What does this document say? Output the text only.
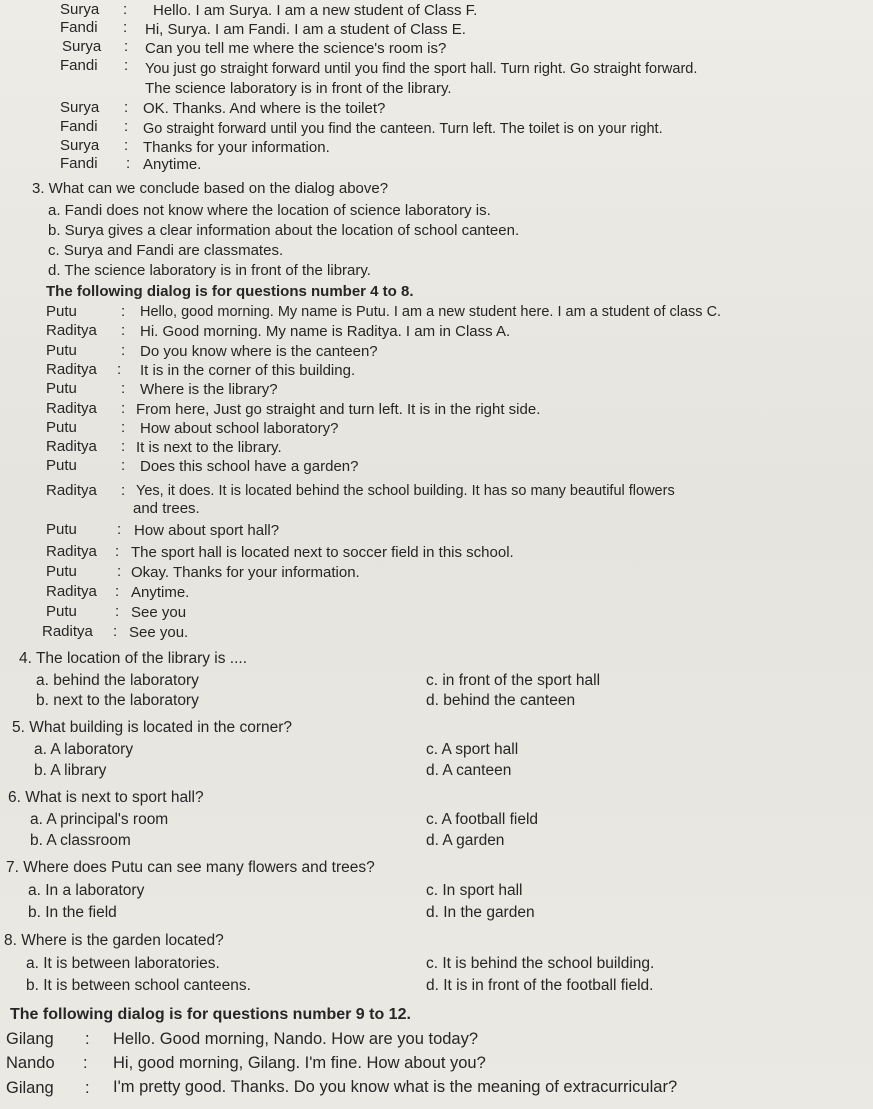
Surya : Hello. I am Surya. I am a new student of Class F.
Fandi : Hi, Surya. I am Fandi. I am a student of Class E.
Surya : Can you tell me where the science's room is?
Fandi : You just go straight forward until you find the sport hall. Turn right. Go straight forward.
The science laboratory is in front of the library.
Surya : OK. Thanks. And where is the toilet?
Fandi : Go straight forward until you find the canteen. Turn left. The toilet is on your right.
Surya : Thanks for your information.
Fandi : Anytime.
3. What can we conclude based on the dialog above?
a. Fandi does not know where the location of science laboratory is.
b. Surya gives a clear information about the location of school canteen.
c. Surya and Fandi are classmates.
d. The science laboratory is in front of the library.
The following dialog is for questions number 4 to 8.
Putu	: Hello, good morning. My name is Putu. I am a new student here. I am a student of class C.
Raditya : Hi. Good morning. My name is Raditya. I am in Class A.
Putu	: Do you know where is the canteen?
Raditya : It is in the corner of this building.
Putu	: Where is the library?
Raditya : From here, Just go straight and turn left. It is in the right side.
Putu	: How about school laboratory?
Raditya : It is next to the library.
Putu	: Does this school have a garden?
Raditya : Yes, it does. It is located behind the school building. It has so many beautiful flowers
and trees.
Putu	: How about sport hall?
Raditya : The sport hall is located next to soccer field in this school.
Putu	: Okay. Thanks for your information.
Raditya : Anytime.
Putu	: See you
Raditya : See you.
4. The location of the library is ....
a. behind the laboratory	c. in front of the sport hall
b. next to the laboratory	d. behind the canteen
5. What building is located in the corner?
a. A laboratory	c. A sport hall
b. A library	d. A canteen
6. What is next to sport hall?
a. A principal's room	c. A football field
b. A classroom	d. A garden
7. Where does Putu can see many flowers and trees?
a. In a laboratory	c. In sport hall
b. In the field	d. In the garden
8. Where is the garden located?
a. It is between laboratories.	c. It is behind the school building.
b. It is between school canteens.	d. It is in front of the football field.
The following dialog is for questions number 9 to 12.
Gilang : Hello. Good morning, Nando. How are you today?
Nando : Hi, good morning, Gilang. I'm fine. How about you?
Gilang : I'm pretty good. Thanks. Do you know what is the meaning of extracurricular?
